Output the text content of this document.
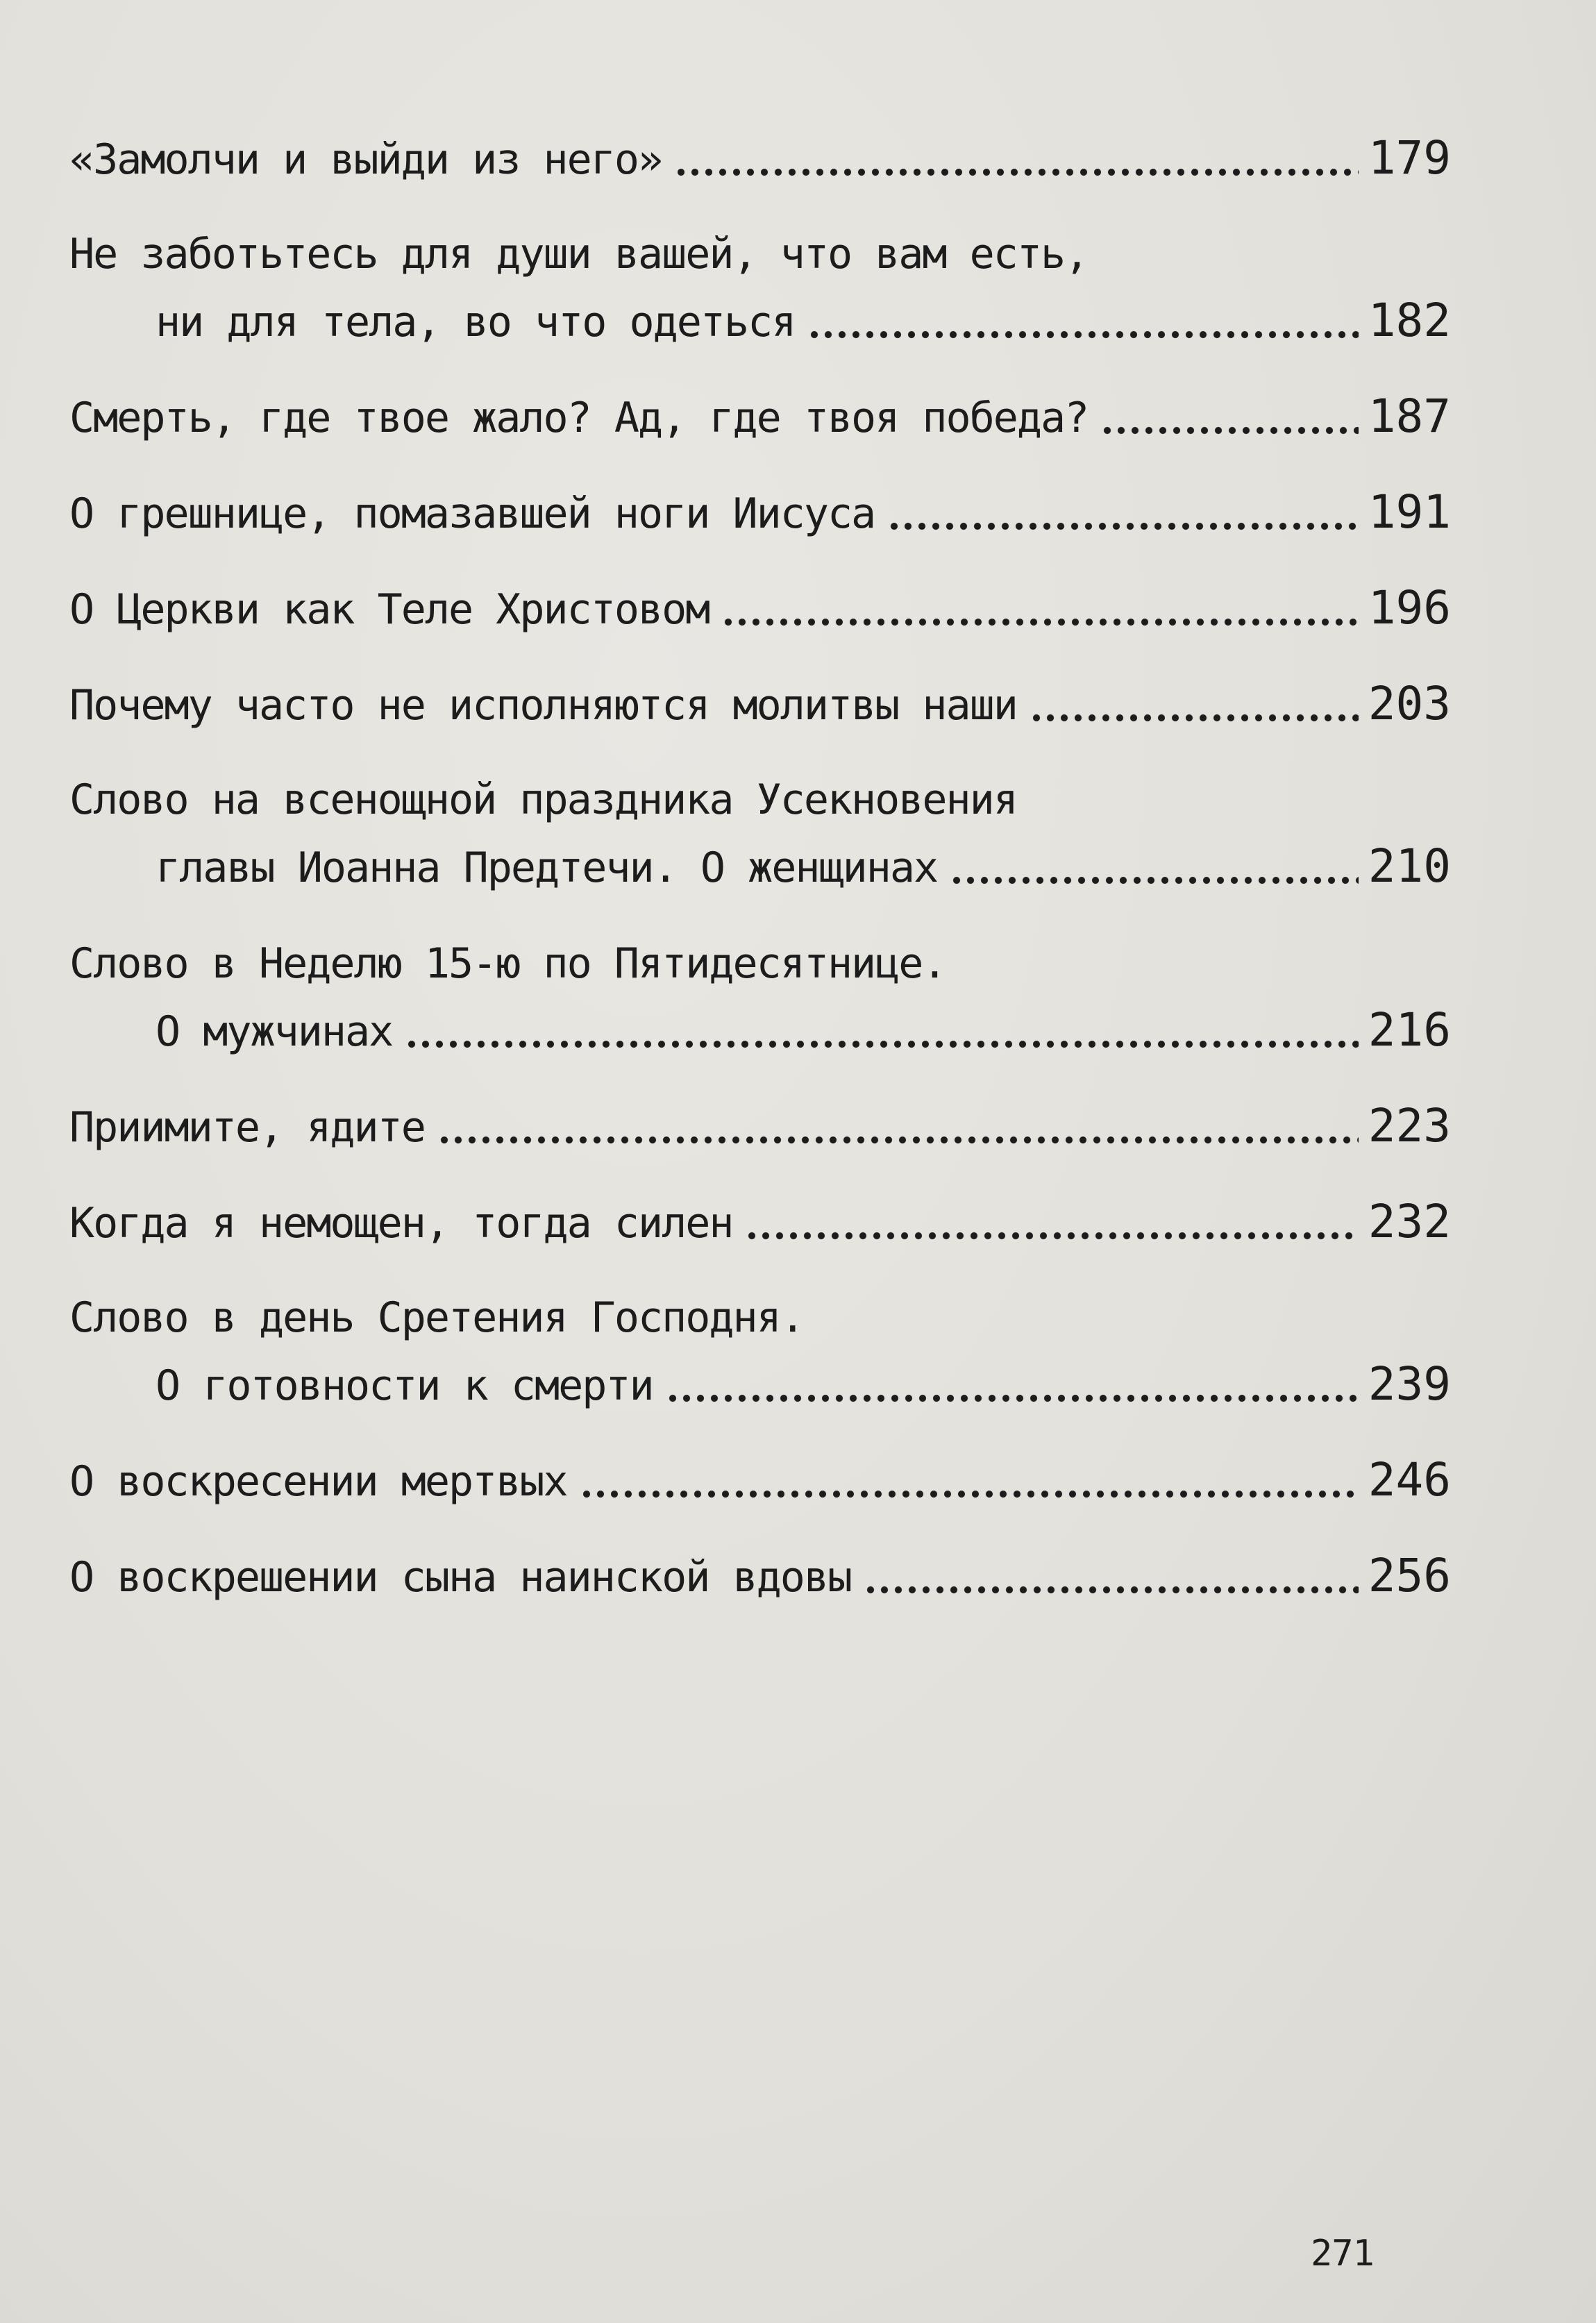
«Замолчи и выйди из него»	179
Не заботьтесь для души вашей, что вам есть,
ни для тела, во что одеться	182
Смерть, где твое жало? Ад, где твоя победа?	187
О грешнице, помазавшей ноги Иисуса	191
О Церкви как Теле Христовом	196
Почему часто не исполняются молитвы наши	203
Слово на всенощной праздника Усекновения
главы Иоанна Предтечи. О женщинах	210
Слово в Неделю 15-ю по Пятидесятнице.
О мужчинах	216
Приимите, ядите	223
Когда я немощен, тогда силен	232
Слово в день Сретения Господня.
О готовности к смерти	239
О воскресении мертвых	246
О воскрешении сына наинской вдовы	256
271
